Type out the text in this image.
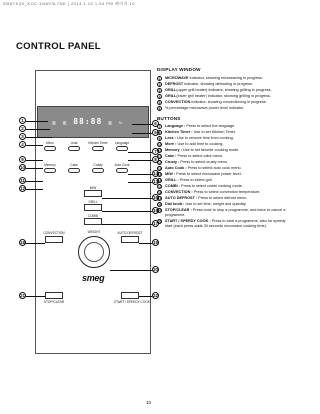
SM8TK3X_KOC-1N8V3L7NE | 2014.1.15 1:54 PM 페이지 10
CONTROL PANEL
▥ ▥ 88:88 ▥ %
Micro	Lista	Kitchen Timer Language
Memory	Cake	Crusty	Auto Cook
M/W
GRILL
COMBI
CONVECTION	AUTO DEFROST
WEIGHT
STOP/CLEAR	START / SPEEDY COOK
smeg
1
2
3
4
9
10
11
12
18
21
6
5
7
8
14
13
15
16
17
19
20
22
DISPLAY WINDOW
1	MICROWAVE indicator, showing microwaving in progress.
2	DEFROST indicator, showing defrosting in progress.
3	GRILL(upper grill heater) indicator, showing grilling in progress.
4	GRILL(lower grill heater) indicator, showing grilling in progress.
5	CONVECTION indicator, showing convectioning in progress.
6	% percentage microwave power level indicator.
BUTTONS
7	Language : Press to select the language.
8	Kitchen Timer : Use to set Kitchen Timer.
9	Less : Use to remove time from cooking.
10 More : Use to add time to cooking.
11 Memory : Use to set favorite cooking mode.
12 Cake : Press to select cake menu.
13 Crusty : Press to select crusty menu.
14 Auto Cook : Press to select auto cook menu.
15 M/W : Press to select microwave power level.
16 GRILL : Press to select grill.
17 COMBI : Press to select combi cooking mode.
18 CONVECTION : Press to select convection temperature.
19 AUTO DEFROST : Press to select defrost menu.
20 Dial knob : Use to set time, weight and quantity.
21 STOP/CLEAR : Press once to stop a programme, and twice to cancel a programme.
22 START / SPEEDY COOK : Press to start a programme, also for speedy start (each press adds 30 seconds microwave cooking time).
10
